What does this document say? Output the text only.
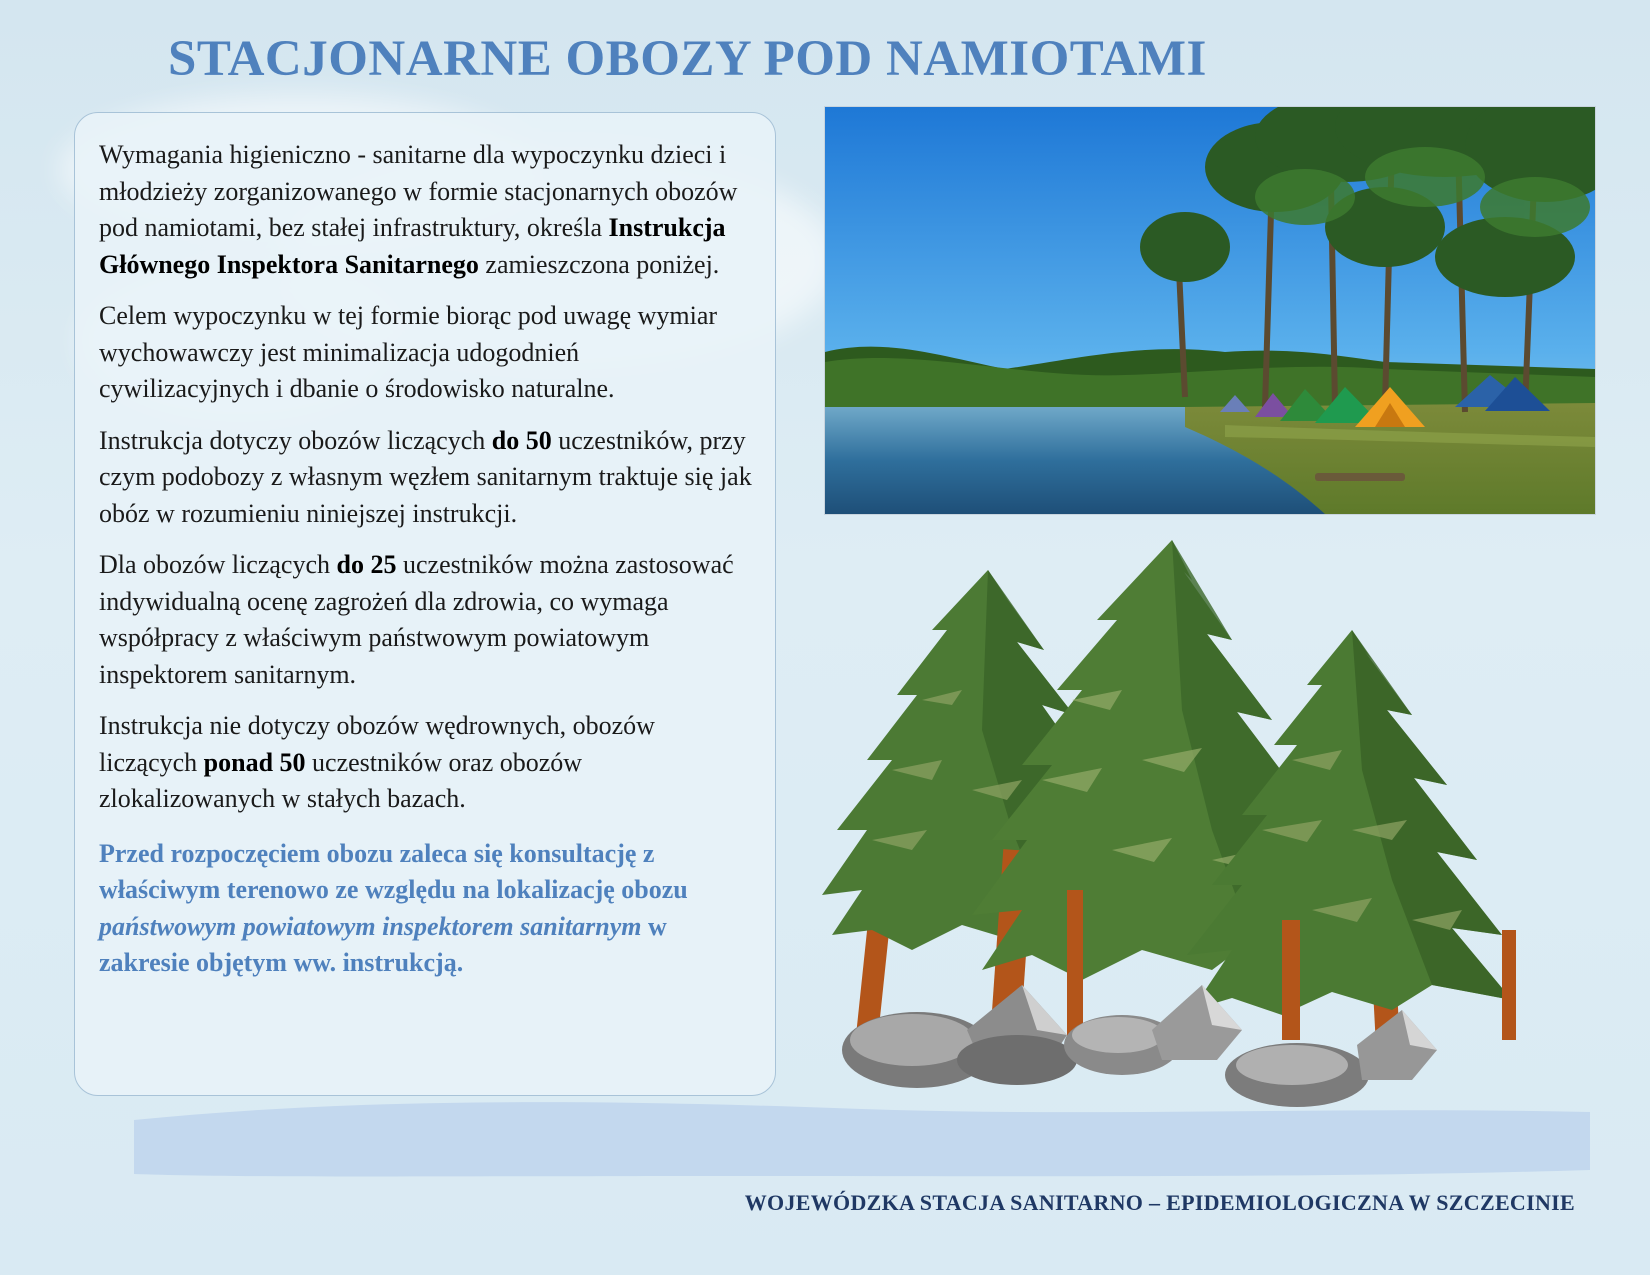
STACJONARNE OBOZY POD NAMIOTAMI

Wymagania higieniczno - sanitarne dla wypoczynku dzieci i młodzieży zorganizowanego w formie stacjonarnych obozów pod namiotami, bez stałej infrastruktury, określa Instrukcja Głównego Inspektora Sanitarnego zamieszczona poniżej.

Celem wypoczynku w tej formie biorąc pod uwagę wymiar wychowawczy jest minimalizacja udogodnień cywilizacyjnych i dbanie o środowisko naturalne.

Instrukcja dotyczy obozów liczących do 50 uczestników, przy czym podobozy z własnym węzłem sanitarnym traktuje się jak obóz w rozumieniu niniejszej instrukcji.

Dla obozów liczących do 25 uczestników można zastosować indywidualną ocenę zagrożeń dla zdrowia, co wymaga współpracy z właściwym państwowym powiatowym inspektorem sanitarnym.

Instrukcja nie dotyczy obozów wędrownych, obozów liczących ponad 50 uczestników oraz obozów zlokalizowanych w stałych bazach.

Przed rozpoczęciem obozu zaleca się konsultację z właściwym terenowo ze względu na lokalizację obozu państwowym powiatowym inspektorem sanitarnym w zakresie objętym ww. instrukcją.

WOJEWÓDZKA STACJA SANITARNO – EPIDEMIOLOGICZNA W SZCZECINIE
